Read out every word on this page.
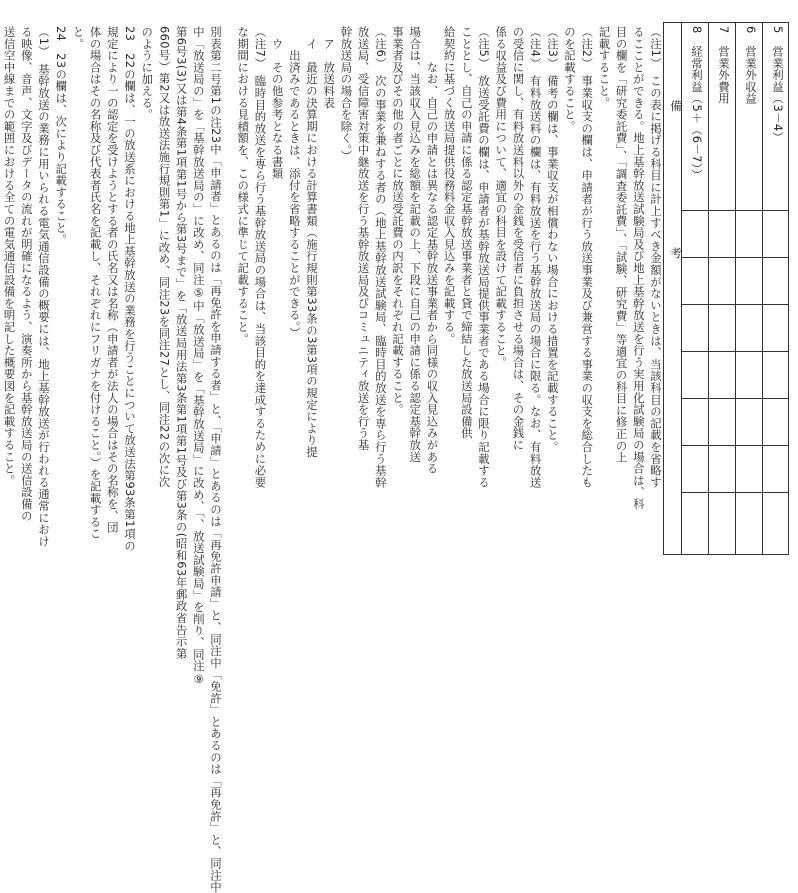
5　営業利益（3－4）
6　営業外収益
7　営業外費用
8　経常利益（5＋（6－7））
備　考
（注1）　この表に掲げる科目に計上すべき金額がないときは、当該科目の記載を省略す
るこことができる。地上基幹放送試験局及び地上基幹放送を行う実用化試験局の場合は、科
目の欄を「研究委託費」、「調査委託費」、「試験、研究費」等適宜の科目に修正の上
記載すること。
（注2）　事業収支の欄は、申請者が行う放送事業及び兼営する事業の収支を総合したも
のを記載すること。
（注3）　備考の欄は、事業収支が相償わない場合における措置を記載すること。
（注4）　有料放送料の欄は、有料放送を行う基幹放送局の場合に限る。なお、有料放送
の受信に関し、有料放送料以外の金銭を受信者に負担させる場合は、その金銭に
係る収益及び費用について、適宜の科目を設けて記載すること。
（注5）　放送受託費の欄は、申請者が基幹放送局提供事業者である場合に限り記載する
こととし、自己の申請に係る認定基幹放送事業者と貸で締結した放送局設備供
給契約に基づく放送局提供役務料金収入見込みを記載する。
　　　なお、自己の申請とは異なる認定基幹放送事業者から同様の収入見込みがある
場合は、当該収入見込みを総額を記載の上、下段に自己の申請に係る認定基幹放送
事業者及びその他の者ごとに放送受託費の内訳をそれぞれ記載すること。
（注6）　次の事業を兼ねする者の（地上基幹放送試験局、臨時目的放送を専ら行う基幹
放送局、受信障害対策中継放送を行う基幹放送局及びコミュニティ放送を行う基
幹放送局の場合を除く。）
　ア　放送料表
　イ　最近の決算期における計算書類（施行規則第33条の3第3項の規定により提
　　出済みであるときは、添付を省略することができる。）
　ウ　その他参考となる書類
（注7）　臨時目的放送を専ら行う基幹放送局の場合は、当該目的を達成するために必要
な期間における見積額を、この様式に準じて記載すること。
別表第二号第1の注23中「申請者」とあるのは「再免許を申請する者」と、「申請」とあるのは「再免許申請」と、同注中「免許」とあるのは「再免許」と、同注中
中「放送局の」を「基幹放送局の」に改め、同注⑤中「放送局」を「基幹放送局」に改め、「、放送試験局」を削り、同注⑨
第6号3(3)又は第4条第1項第1号から第3号まで」を「放送局用法第3条第1項第1号及び第3条の(昭和63年郵政省告示第
660号）第2又は放送法施行規則第1」に改め、同注23を同注27とし、同注22の次に次
のように加える。
23　22の欄は、一の放送系における地上基幹放送の業務を行うことについて放送法第93条第1項の
規定により一の認定を受けようとする者の氏名又は名称（申請者が法人の場合はその名称を、団
体の場合はその名称及び代表者氏名を記載し、それぞれにフリガナを付けること。）を記載するこ
と。
24　23の欄は、次により記載すること。
（1）　基幹放送の業務に用いられる電気通信設備の概要には、地上基幹放送が行われる通常におけ
る映像、音声、文字及びデータの流れが明確になるよう、演奏所から基幹放送局の送信設備の
送信空中線までの範囲における全ての電気通信設備を明記した概要図を記載すること。
